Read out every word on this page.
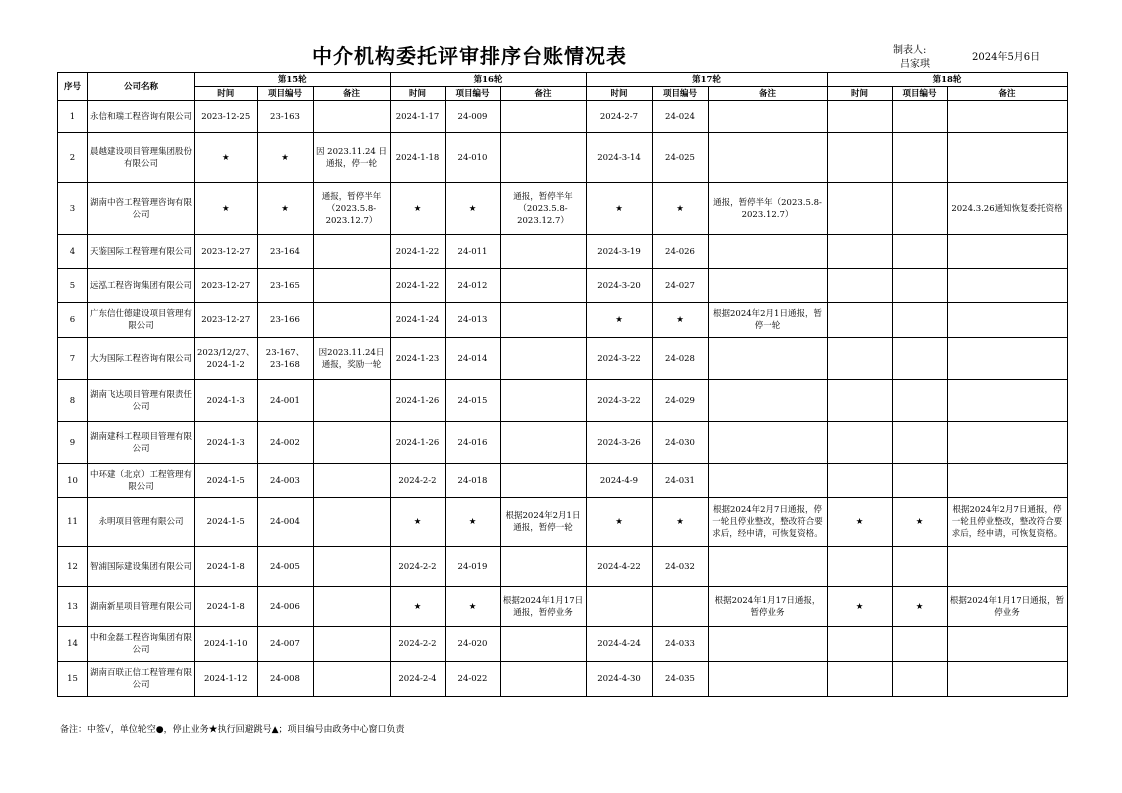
中介机构委托评审排序台账情况表	制表人:
吕家琪
2024年5月6日
序号	公司名称	第15轮			第16轮			第17轮			第18轮		
		时间	项目编号	备注	时间	项目编号	备注	时间	项目编号	备注	时间	项目编号	备注
1	永信和瑞工程咨询有限公司	2023-12-25	23-163		2024-1-17	24-009		2024-2-7	24-024				
2	晨越建设项目管理集团股份有限公司	★	★	因 2023.11.24 日通报，停一轮	2024-1-18	24-010		2024-3-14	24-025				
3	湖南中咨工程管理咨询有限公司	★	★	通报，暂停半年（2023.5.8-2023.12.7）	★	★	通报，暂停半年（2023.5.8-2023.12.7）	★	★	通报，暂停半年（2023.5.8-2023.12.7）			2024.3.26通知恢复委托资格
4	天鉴国际工程管理有限公司	2023-12-27	23-164		2024-1-22	24-011		2024-3-19	24-026				
5	远泓工程咨询集团有限公司	2023-12-27	23-165		2024-1-22	24-012		2024-3-20	24-027				
6	广东信仕德建设项目管理有限公司	2023-12-27	23-166		2024-1-24	24-013		★	★	根据2024年2月1日通报，暂停一轮			
7	大为国际工程咨询有限公司	2023/12/27、2024-1-2	23-167、23-168	因2023.11.24日通报，奖励一轮	2024-1-23	24-014		2024-3-22	24-028				
8	湖南飞达项目管理有限责任公司	2024-1-3	24-001		2024-1-26	24-015		2024-3-22	24-029				
9	湖南建科工程项目管理有限公司	2024-1-3	24-002		2024-1-26	24-016		2024-3-26	24-030				
10	中环建（北京）工程管理有限公司	2024-1-5	24-003		2024-2-2	24-018		2024-4-9	24-031				
11	永明项目管理有限公司	2024-1-5	24-004		★	★	根据2024年2月1日通报，暂停一轮	★	★	根据2024年2月7日通报，停一轮且停业整改，整改符合要求后，经申请，可恢复资格。	★	★	根据2024年2月7日通报，停一轮且停业整改，整改符合要求后，经申请，可恢复资格。
12	智浦国际建设集团有限公司	2024-1-8	24-005		2024-2-2	24-019		2024-4-22	24-032				
13	湖南新星项目管理有限公司	2024-1-8	24-006		★	★	根据2024年1月17日通报，暂停业务			根据2024年1月17日通报，暂停业务	★	★	根据2024年1月17日通报，暂停业务
14	中和金磊工程咨询集团有限公司	2024-1-10	24-007		2024-2-2	24-020		2024-4-24	24-033				
15	湖南百联正信工程管理有限公司	2024-1-12	24-008		2024-2-4	24-022		2024-4-30	24-035				
备注：中签√，单位轮空●，停止业务★执行回避跳号▲；项目编号由政务中心窗口负责
